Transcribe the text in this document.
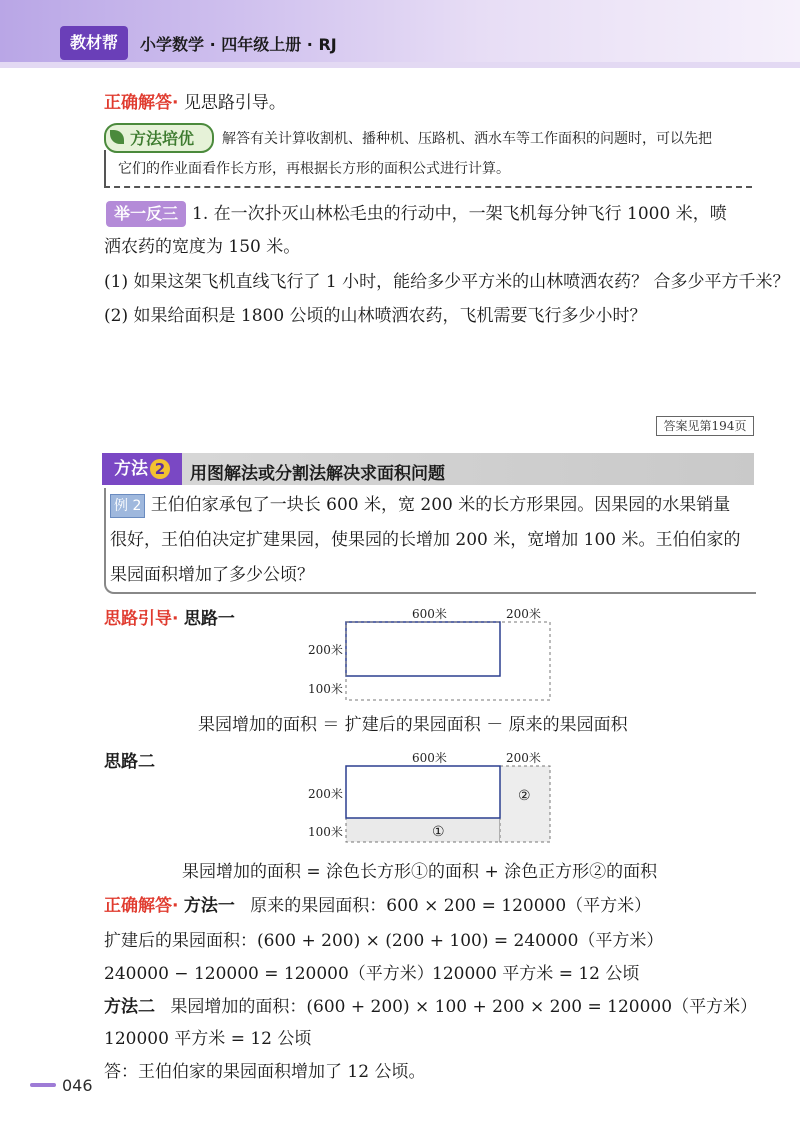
教材帮	小学数学 · 四年级上册 · RJ
正确解答· 见思路引导。
方法培优 解答有关计算收割机、播种机、压路机、洒水车等工作面积的问题时，可以先把
它们的作业面看作长方形，再根据长方形的面积公式进行计算。
举一反三 1. 在一次扑灭山林松毛虫的行动中，一架飞机每分钟飞行 1000 米，喷
洒农药的宽度为 150 米。
(1) 如果这架飞机直线飞行了 1 小时，能给多少平方米的山林喷洒农药？ 合多少平方千米？
(2) 如果给面积是 1800 公顷的山林喷洒农药，飞机需要飞行多少小时？
答案见第194页
方法 2	用图解法或分割法解决求面积问题
例 2 王伯伯家承包了一块长 600 米，宽 200 米的长方形果园。因果园的水果销量
很好，王伯伯决定扩建果园，使果园的长增加 200 米，宽增加 100 米。王伯伯家的
果园面积增加了多少公顷？
思路引导· 思路一	600米	200米
200米
100米
果园增加的面积 ＝ 扩建后的果园面积 － 原来的果园面积
思路二	600米	200米
200米
100米	①
②
果园增加的面积 = 涂色长方形①的面积 + 涂色正方形②的面积
正确解答· 方法一 原来的果园面积：600 × 200 = 120000（平方米）
扩建后的果园面积：(600 + 200) × (200 + 100) = 240000（平方米）
240000 − 120000 = 120000（平方米）
120000 平方米 = 12 公顷
方法二 果园增加的面积：(600 + 200) × 100 + 200 × 200 = 120000（平方米）
120000 平方米 = 12 公顷
答：王伯伯家的果园面积增加了 12 公顷。
046
